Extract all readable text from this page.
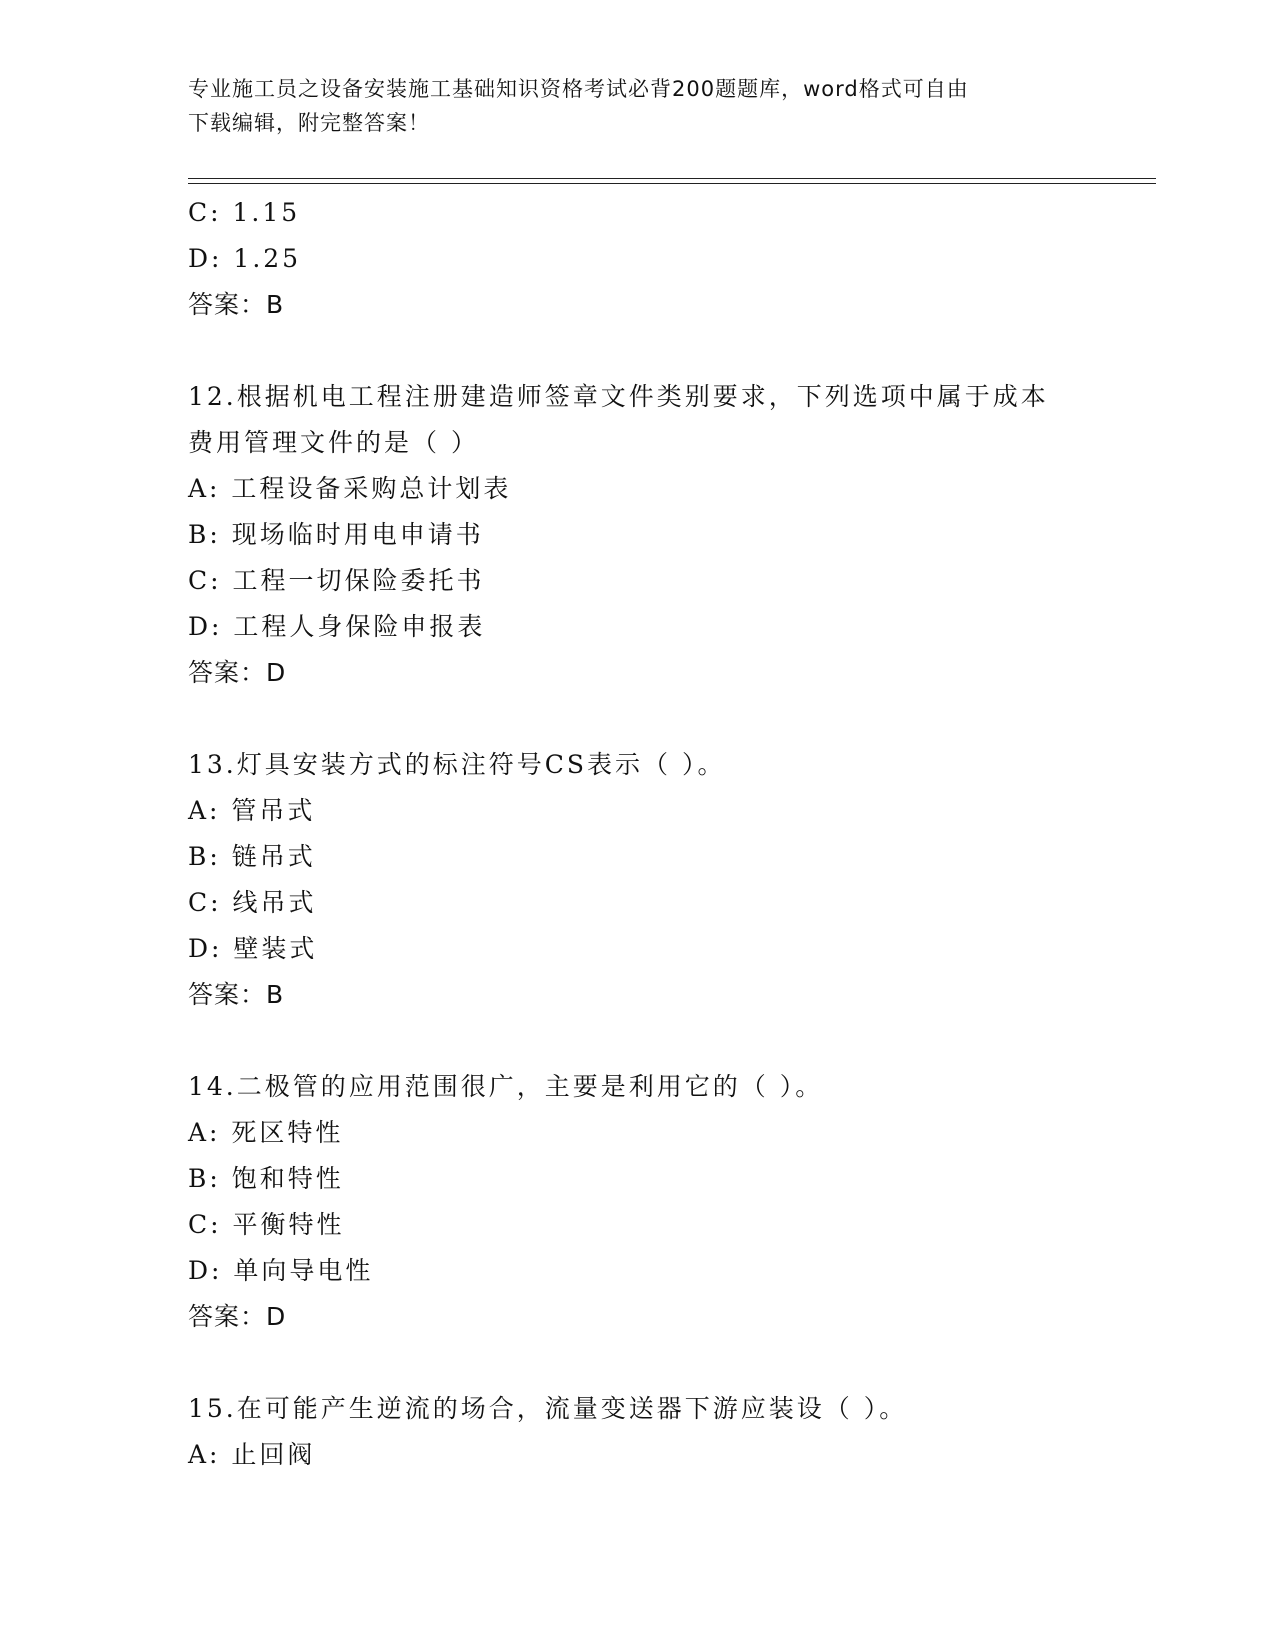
专业施工员之设备安装施工基础知识资格考试必背200题题库，word格式可自由
下载编辑，附完整答案！
C: 1.15
D: 1.25
答案：B
12.根据机电工程注册建造师签章文件类别要求，下列选项中属于成本
费用管理文件的是（ ）
A: 工程设备采购总计划表
B: 现场临时用电申请书
C: 工程一切保险委托书
D: 工程人身保险申报表
答案：D
13.灯具安装方式的标注符号CS表示（ ）。
A: 管吊式
B: 链吊式
C: 线吊式
D: 壁装式
答案：B
14.二极管的应用范围很广，主要是利用它的（ ）。
A: 死区特性
B: 饱和特性
C: 平衡特性
D: 单向导电性
答案：D
15.在可能产生逆流的场合，流量变送器下游应装设（ ）。
A: 止回阀
